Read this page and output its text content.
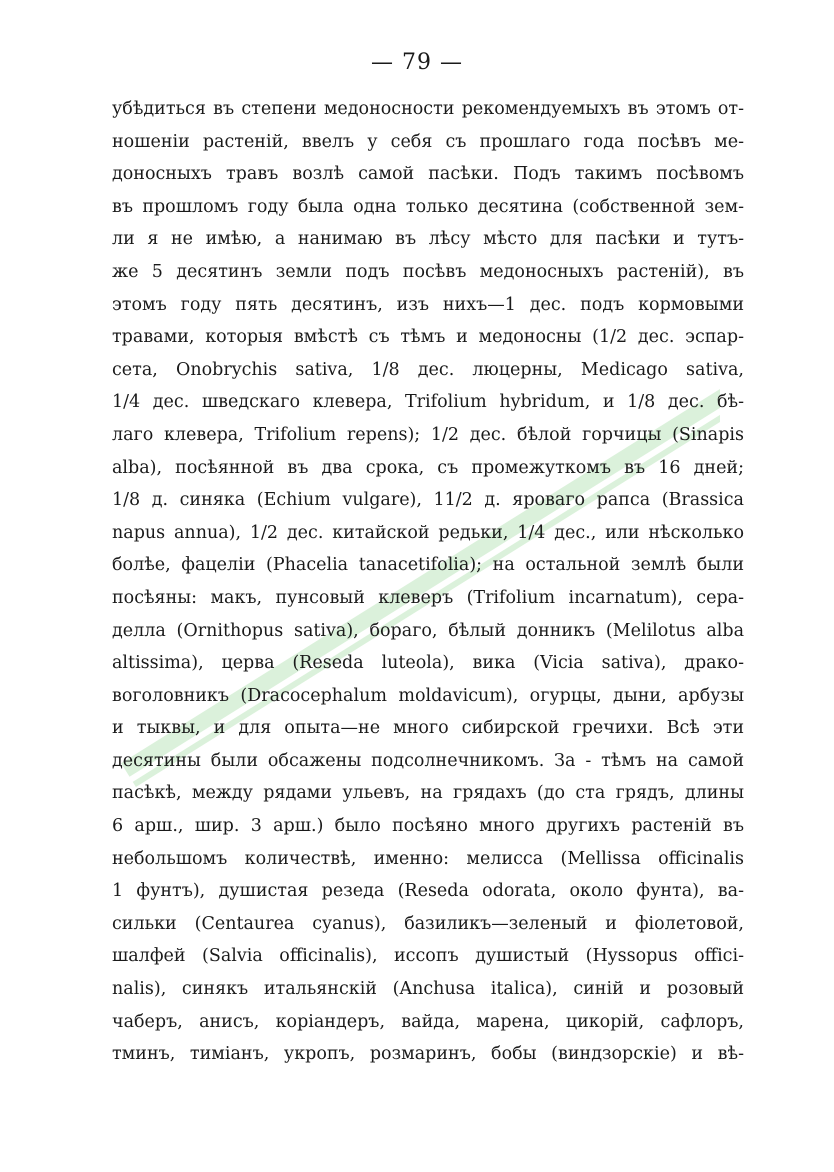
— 79 —
убѣдиться въ степени медоносности рекомендуемыхъ въ этомъ от-
ношеніи растеній, ввелъ у себя съ прошлаго года посѣвъ ме-
доносныхъ травъ возлѣ самой пасѣки. Подъ такимъ посѣвомъ
въ прошломъ году была одна только десятина (собственной зем-
ли я не имѣю, а нанимаю въ лѣсу мѣсто для пасѣки и тутъ-
же 5 десятинъ земли подъ посѣвъ медоносныхъ растеній), въ
этомъ году пять десятинъ, изъ нихъ—1 дес. подъ кормовыми
травами, которыя вмѣстѣ съ тѣмъ и медоносны (1/2 дес. эспар-
сета, Onobrychis sativa, 1/8 дес. люцерны, Medicago sativa,
1/4 дес. шведскаго клевера, Trifolium hybridum, и 1/8 дес. бѣ-
лаго клевера, Trifolium repens); 1/2 дес. бѣлой горчицы (Sinapis
alba), посѣянной въ два срока, съ промежуткомъ въ 16 дней;
1/8 д. синяка (Echium vulgare), 11/2 д. яроваго рапса (Brassica
napus annua), 1/2 дес. китайской редьки, 1/4 дес., или нѣсколько
болѣе, фацеліи (Phacelia tanacetifolia); на остальной землѣ были
посѣяны: макъ, пунсовый клеверъ (Trifolium incarnatum), сера-
делла (Ornithopus sativa), бораго, бѣлый донникъ (Melilotus alba
altissima), церва (Reseda luteola), вика (Vicia sativa), драко-
воголовникъ (Dracocephalum moldavicum), огурцы, дыни, арбузы
и тыквы, и для опыта—не много сибирской гречихи. Всѣ эти
десятины были обсажены подсолнечникомъ. За - тѣмъ на самой
пасѣкѣ, между рядами ульевъ, на грядахъ (до ста грядъ, длины
6 арш., шир. 3 арш.) было посѣяно много другихъ растеній въ
небольшомъ количествѣ, именно: мелисса (Mellissa officinalis
1 фунтъ), душистая резеда (Reseda odorata, около фунта), ва-
сильки (Centaurea cyanus), базиликъ—зеленый и фіолетовой,
шалфей (Salvia officinalis), иссопъ душистый (Hyssopus offici-
nalis), синякъ итальянскій (Anchusa italica), синій и розовый
чаберъ, анисъ, коріандеръ, вайда, марена, цикорій, сафлоръ,
тминъ, тиміанъ, укропъ, розмаринъ, бобы (виндзорскіе) и вѣ-
